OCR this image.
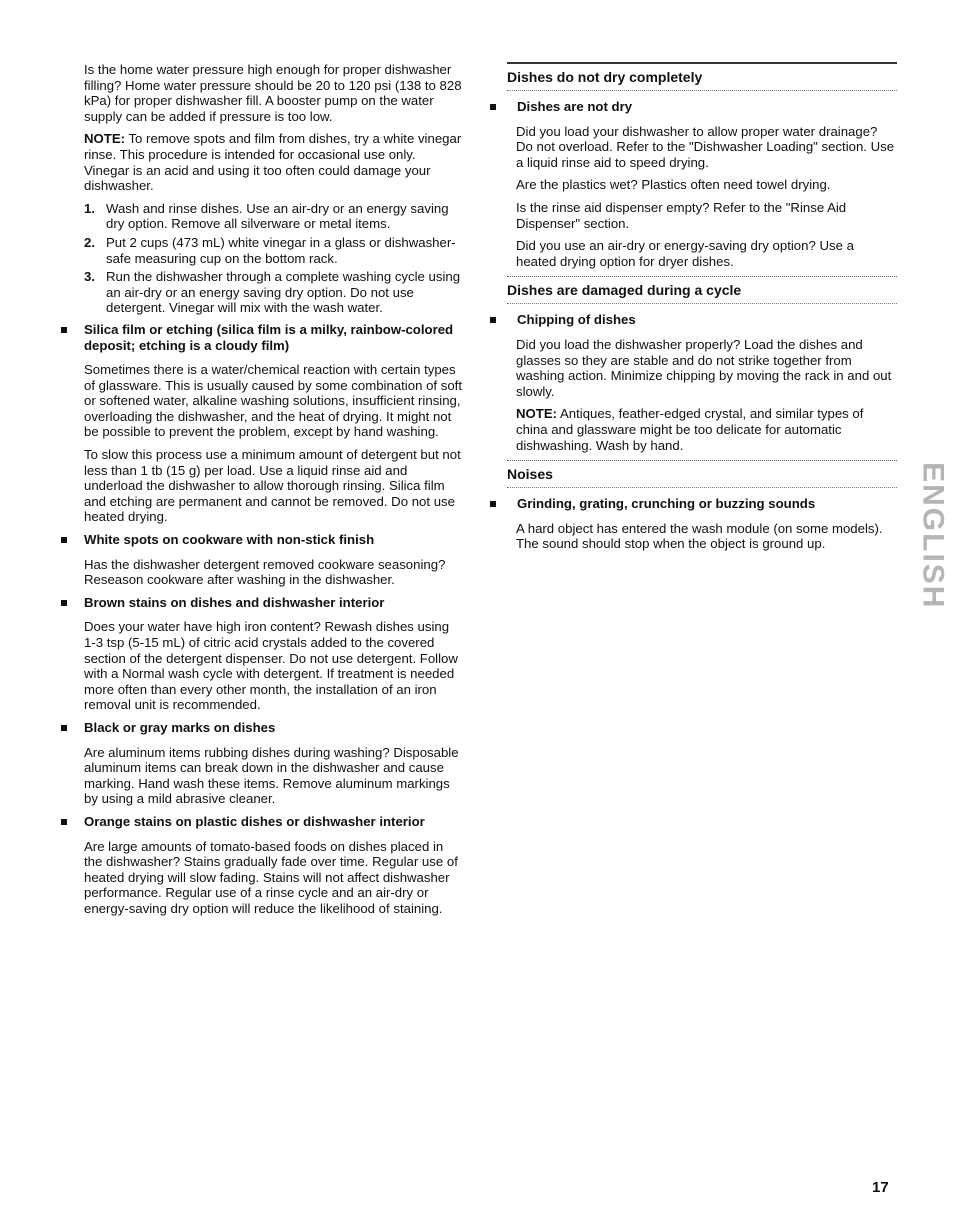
Is the home water pressure high enough for proper dishwasher filling? Home water pressure should be 20 to 120 psi (138 to 828 kPa) for proper dishwasher fill. A booster pump on the water supply can be added if pressure is too low.

NOTE: To remove spots and film from dishes, try a white vinegar rinse. This procedure is intended for occasional use only. Vinegar is an acid and using it too often could damage your dishwasher.

1. Wash and rinse dishes. Use an air-dry or an energy saving dry option. Remove all silverware or metal items.
2. Put 2 cups (473 mL) white vinegar in a glass or dishwasher-safe measuring cup on the bottom rack.
3. Run the dishwasher through a complete washing cycle using an air-dry or an energy saving dry option. Do not use detergent. Vinegar will mix with the wash water.
Silica film or etching (silica film is a milky, rainbow-colored deposit; etching is a cloudy film)

Sometimes there is a water/chemical reaction with certain types of glassware. This is usually caused by some combination of soft or softened water, alkaline washing solutions, insufficient rinsing, overloading the dishwasher, and the heat of drying. It might not be possible to prevent the problem, except by hand washing.

To slow this process use a minimum amount of detergent but not less than 1 tb (15 g) per load. Use a liquid rinse aid and underload the dishwasher to allow thorough rinsing. Silica film and etching are permanent and cannot be removed. Do not use heated drying.

White spots on cookware with non-stick finish

Has the dishwasher detergent removed cookware seasoning? Reseason cookware after washing in the dishwasher.

Brown stains on dishes and dishwasher interior

Does your water have high iron content? Rewash dishes using 1-3 tsp (5-15 mL) of citric acid crystals added to the covered section of the detergent dispenser. Do not use detergent. Follow with a Normal wash cycle with detergent. If treatment is needed more often than every other month, the installation of an iron removal unit is recommended.

Black or gray marks on dishes

Are aluminum items rubbing dishes during washing? Disposable aluminum items can break down in the dishwasher and cause marking. Hand wash these items. Remove aluminum markings by using a mild abrasive cleaner.

Orange stains on plastic dishes or dishwasher interior

Are large amounts of tomato-based foods on dishes placed in the dishwasher? Stains gradually fade over time. Regular use of heated drying will slow fading. Stains will not affect dishwasher performance. Regular use of a rinse cycle and an air-dry or energy-saving dry option will reduce the likelihood of staining.

Dishes do not dry completely
Dishes are not dry

Did you load your dishwasher to allow proper water drainage? Do not overload. Refer to the "Dishwasher Loading" section. Use a liquid rinse aid to speed drying.

Are the plastics wet? Plastics often need towel drying.

Is the rinse aid dispenser empty? Refer to the "Rinse Aid Dispenser" section.

Did you use an air-dry or energy-saving dry option? Use a heated drying option for dryer dishes.

Dishes are damaged during a cycle
Chipping of dishes

Did you load the dishwasher properly? Load the dishes and glasses so they are stable and do not strike together from washing action. Minimize chipping by moving the rack in and out slowly.

NOTE: Antiques, feather-edged crystal, and similar types of china and glassware might be too delicate for automatic dishwashing. Wash by hand.

Noises
Grinding, grating, crunching or buzzing sounds

A hard object has entered the wash module (on some models). The sound should stop when the object is ground up.	ENGLISH
17
